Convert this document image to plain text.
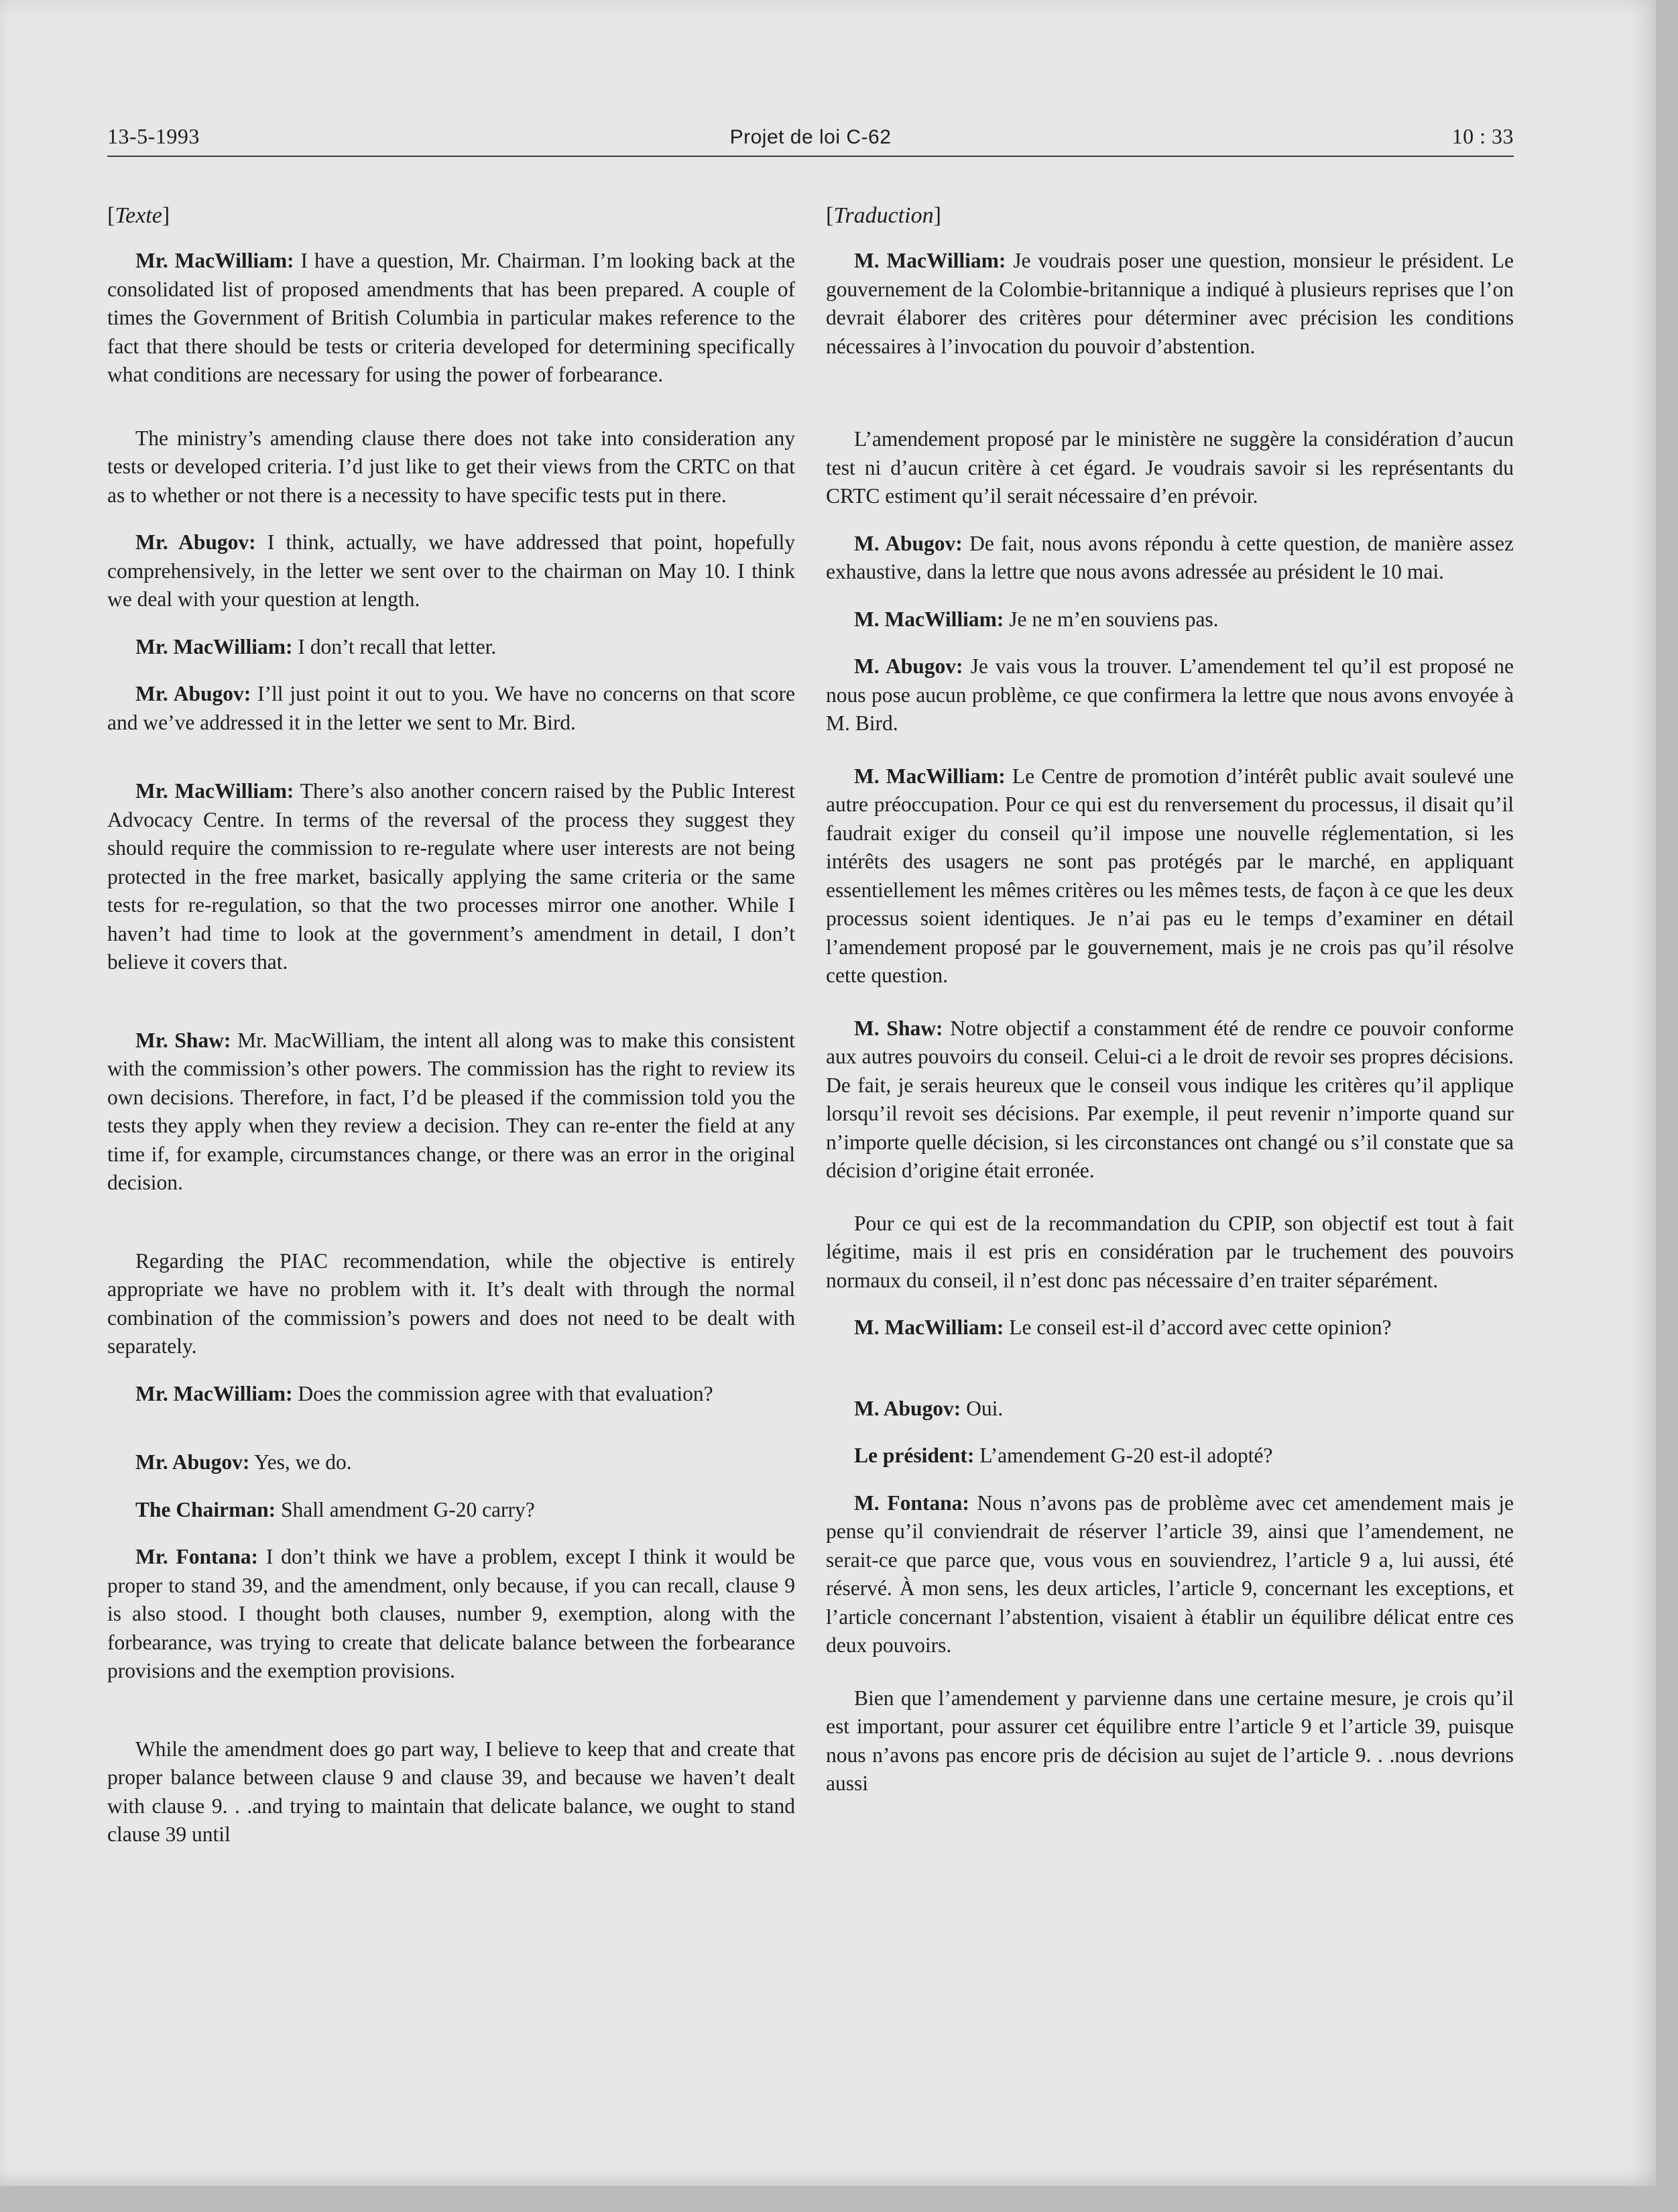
13-5-1993	Projet de loi C-62	10 : 33
[Texte]

Mr. MacWilliam: I have a question, Mr. Chairman. I’m looking back at the consolidated list of proposed amendments that has been prepared. A couple of times the Government of British Columbia in particular makes reference to the fact that there should be tests or criteria developed for determining specifically what conditions are necessary for using the power of forbearance.

The ministry’s amending clause there does not take into consideration any tests or developed criteria. I’d just like to get their views from the CRTC on that as to whether or not there is a necessity to have specific tests put in there.

Mr. Abugov: I think, actually, we have addressed that point, hopefully comprehensively, in the letter we sent over to the chairman on May 10. I think we deal with your question at length.

Mr. MacWilliam: I don’t recall that letter.

Mr. Abugov: I’ll just point it out to you. We have no concerns on that score and we’ve addressed it in the letter we sent to Mr. Bird.

Mr. MacWilliam: There’s also another concern raised by the Public Interest Advocacy Centre. In terms of the reversal of the process they suggest they should require the commission to re-regulate where user interests are not being protected in the free market, basically applying the same criteria or the same tests for re-regulation, so that the two processes mirror one another. While I haven’t had time to look at the government’s amendment in detail, I don’t believe it covers that.

Mr. Shaw: Mr. MacWilliam, the intent all along was to make this consistent with the commission’s other powers. The commission has the right to review its own decisions. Therefore, in fact, I’d be pleased if the commission told you the tests they apply when they review a decision. They can re-enter the field at any time if, for example, circumstances change, or there was an error in the original decision.

Regarding the PIAC recommendation, while the objective is entirely appropriate we have no problem with it. It’s dealt with through the normal combination of the commission’s powers and does not need to be dealt with separately.

Mr. MacWilliam: Does the commission agree with that evaluation?

Mr. Abugov: Yes, we do.

The Chairman: Shall amendment G-20 carry?

Mr. Fontana: I don’t think we have a problem, except I think it would be proper to stand 39, and the amendment, only because, if you can recall, clause 9 is also stood. I thought both clauses, number 9, exemption, along with the forbearance, was trying to create that delicate balance between the forbearance provisions and the exemption provisions.

While the amendment does go part way, I believe to keep that and create that proper balance between clause 9 and clause 39, and because we haven’t dealt with clause 9. . .and trying to maintain that delicate balance, we ought to stand clause 39 until

[Traduction]

M. MacWilliam: Je voudrais poser une question, monsieur le président. Le gouvernement de la Colombie-britannique a indiqué à plusieurs reprises que l’on devrait élaborer des critères pour déterminer avec précision les conditions nécessaires à l’invocation du pouvoir d’abstention.

L’amendement proposé par le ministère ne suggère la considération d’aucun test ni d’aucun critère à cet égard. Je voudrais savoir si les représentants du CRTC estiment qu’il serait nécessaire d’en prévoir.

M. Abugov: De fait, nous avons répondu à cette question, de manière assez exhaustive, dans la lettre que nous avons adressée au président le 10 mai.

M. MacWilliam: Je ne m’en souviens pas.

M. Abugov: Je vais vous la trouver. L’amendement tel qu’il est proposé ne nous pose aucun problème, ce que confirmera la lettre que nous avons envoyée à M. Bird.

M. MacWilliam: Le Centre de promotion d’intérêt public avait soulevé une autre préoccupation. Pour ce qui est du renversement du processus, il disait qu’il faudrait exiger du conseil qu’il impose une nouvelle réglementation, si les intérêts des usagers ne sont pas protégés par le marché, en appliquant essentiellement les mêmes critères ou les mêmes tests, de façon à ce que les deux processus soient identiques. Je n’ai pas eu le temps d’examiner en détail l’amendement proposé par le gouvernement, mais je ne crois pas qu’il résolve cette question.

M. Shaw: Notre objectif a constamment été de rendre ce pouvoir conforme aux autres pouvoirs du conseil. Celui-ci a le droit de revoir ses propres décisions. De fait, je serais heureux que le conseil vous indique les critères qu’il applique lorsqu’il revoit ses décisions. Par exemple, il peut revenir n’importe quand sur n’importe quelle décision, si les circonstances ont changé ou s’il constate que sa décision d’origine était erronée.

Pour ce qui est de la recommandation du CPIP, son objectif est tout à fait légitime, mais il est pris en considération par le truchement des pouvoirs normaux du conseil, il n’est donc pas nécessaire d’en traiter séparément.

M. MacWilliam: Le conseil est-il d’accord avec cette opinion?

M. Abugov: Oui.

Le président: L’amendement G-20 est-il adopté?

M. Fontana: Nous n’avons pas de problème avec cet amendement mais je pense qu’il conviendrait de réserver l’article 39, ainsi que l’amendement, ne serait-ce que parce que, vous vous en souviendrez, l’article 9 a, lui aussi, été réservé. À mon sens, les deux articles, l’article 9, concernant les exceptions, et l’article concernant l’abstention, visaient à établir un équilibre délicat entre ces deux pouvoirs.

Bien que l’amendement y parvienne dans une certaine mesure, je crois qu’il est important, pour assurer cet équilibre entre l’article 9 et l’article 39, puisque nous n’avons pas encore pris de décision au sujet de l’article 9. . .nous devrions aussi
